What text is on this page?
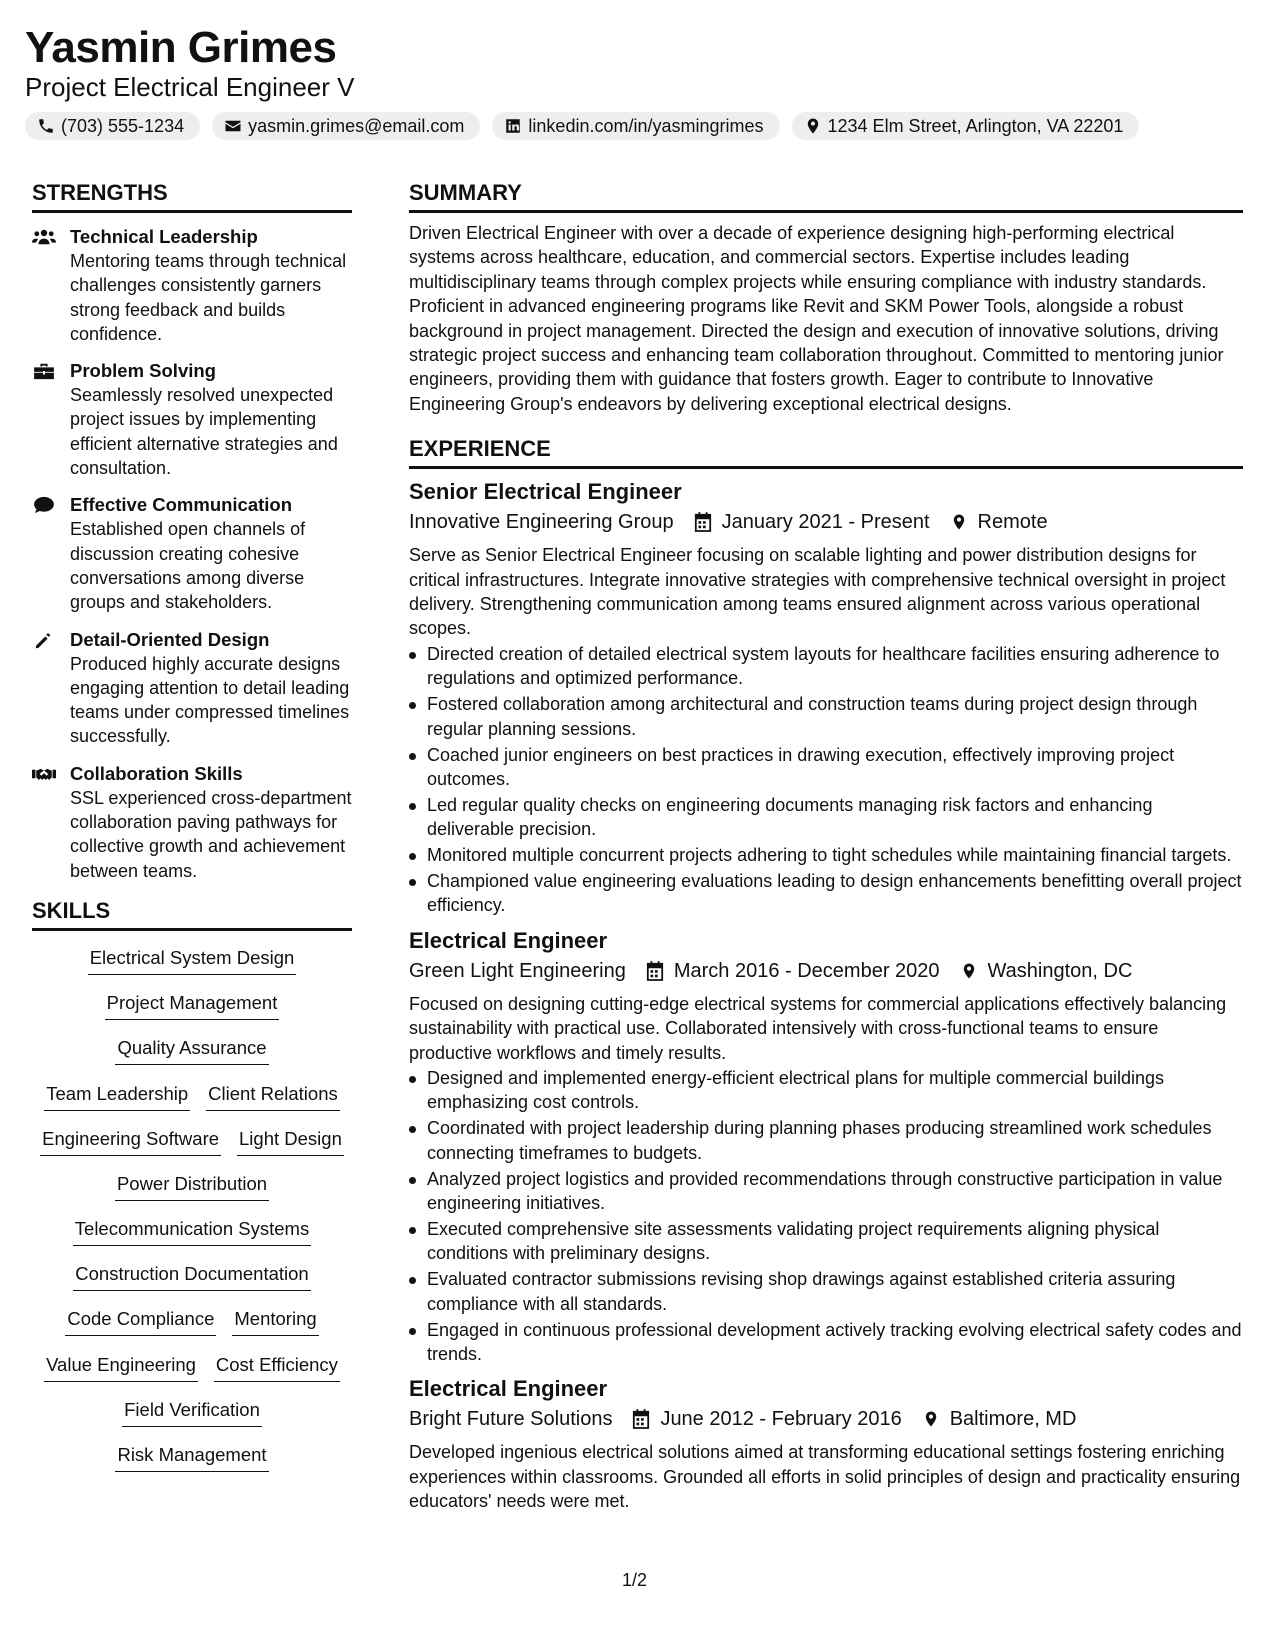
Yasmin Grimes
Project Electrical Engineer V
(703) 555-1234	yasmin.grimes@email.com	linkedin.com/in/yasmingrimes	1234 Elm Street, Arlington, VA 22201
STRENGTHS
Technical Leadership
Mentoring teams through technical challenges consistently garners strong feedback and builds confidence.
Problem Solving
Seamlessly resolved unexpected project issues by implementing efficient alternative strategies and consultation.
Effective Communication
Established open channels of discussion creating cohesive conversations among diverse groups and stakeholders.
Detail-Oriented Design
Produced highly accurate designs engaging attention to detail leading teams under compressed timelines successfully.
Collaboration Skills
SSL experienced cross-department collaboration paving pathways for collective growth and achievement between teams.
SKILLS
Electrical System Design
Project Management
Quality Assurance
Team Leadership Client Relations
Engineering Software Light Design
Power Distribution
Telecommunication Systems
Construction Documentation
Code Compliance Mentoring
Value Engineering Cost Efficiency
Field Verification
Risk Management
SUMMARY
Driven Electrical Engineer with over a decade of experience designing high-performing electrical systems across healthcare, education, and commercial sectors. Expertise includes leading multidisciplinary teams through complex projects while ensuring compliance with industry standards. Proficient in advanced engineering programs like Revit and SKM Power Tools, alongside a robust background in project management. Directed the design and execution of innovative solutions, driving strategic project success and enhancing team collaboration throughout. Committed to mentoring junior engineers, providing them with guidance that fosters growth. Eager to contribute to Innovative Engineering Group's endeavors by delivering exceptional electrical designs.
EXPERIENCE
Senior Electrical Engineer
Innovative Engineering Group January 2021 - Present Remote
Serve as Senior Electrical Engineer focusing on scalable lighting and power distribution designs for critical infrastructures. Integrate innovative strategies with comprehensive technical oversight in project delivery. Strengthening communication among teams ensured alignment across various operational scopes.
Directed creation of detailed electrical system layouts for healthcare facilities ensuring adherence to regulations and optimized performance.
Fostered collaboration among architectural and construction teams during project design through regular planning sessions.
Coached junior engineers on best practices in drawing execution, effectively improving project outcomes.
Led regular quality checks on engineering documents managing risk factors and enhancing deliverable precision.
Monitored multiple concurrent projects adhering to tight schedules while maintaining financial targets.
Championed value engineering evaluations leading to design enhancements benefitting overall project efficiency.
Electrical Engineer
Green Light Engineering March 2016 - December 2020 Washington, DC
Focused on designing cutting-edge electrical systems for commercial applications effectively balancing sustainability with practical use. Collaborated intensively with cross-functional teams to ensure productive workflows and timely results.
Designed and implemented energy-efficient electrical plans for multiple commercial buildings emphasizing cost controls.
Coordinated with project leadership during planning phases producing streamlined work schedules connecting timeframes to budgets.
Analyzed project logistics and provided recommendations through constructive participation in value engineering initiatives.
Executed comprehensive site assessments validating project requirements aligning physical conditions with preliminary designs.
Evaluated contractor submissions revising shop drawings against established criteria assuring compliance with all standards.
Engaged in continuous professional development actively tracking evolving electrical safety codes and trends.
Electrical Engineer
Bright Future Solutions June 2012 - February 2016 Baltimore, MD
Developed ingenious electrical solutions aimed at transforming educational settings fostering enriching experiences within classrooms. Grounded all efforts in solid principles of design and practicality ensuring educators' needs were met.
1/2
